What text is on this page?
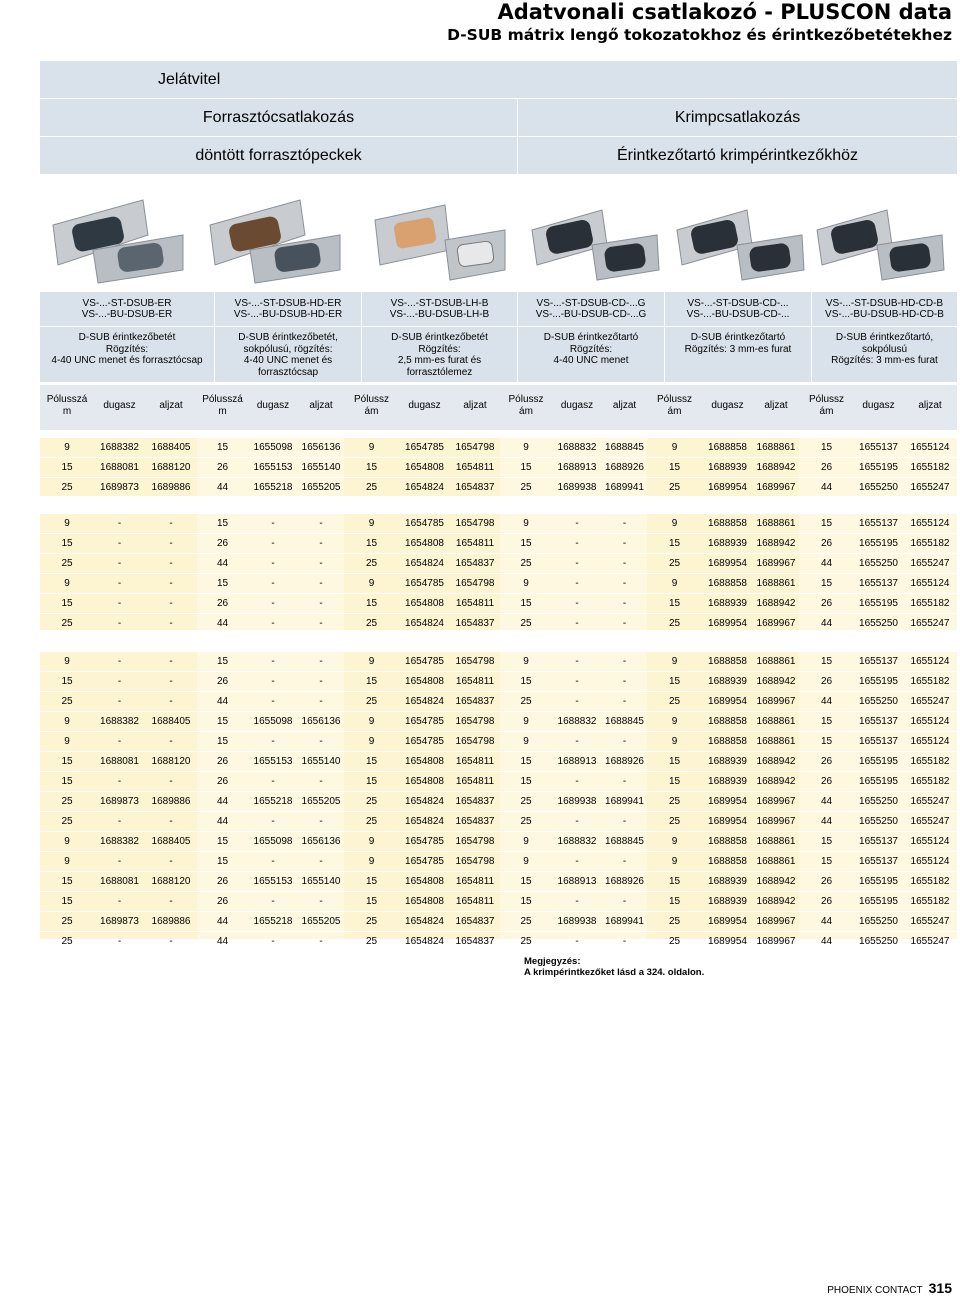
Adatvonali csatlakozó - PLUSCON data
D-SUB mátrix lengő tokozatokhoz és érintkezőbetétekhez
Jelátvitel
Forrasztócsatlakozás	Krimpcsatlakozás
döntött forrasztópeckek	Érintkezőtartó krimpérintkezőkhöz
VS-...-ST-DSUB-ER
VS-...-BU-DSUB-ER
VS-...-ST-DSUB-HD-ER
VS-...-BU-DSUB-HD-ER
VS-...-ST-DSUB-LH-B
VS-...-BU-DSUB-LH-B
VS-...-ST-DSUB-CD-...G
VS-...-BU-DSUB-CD-...G
VS-...-ST-DSUB-CD-...
VS-...-BU-DSUB-CD-...
VS-...-ST-DSUB-HD-CD-B
VS-...-BU-DSUB-HD-CD-B
D-SUB érintkezőbetét
Rögzítés:
4-40 UNC menet és forrasztócsap
D-SUB érintkezőbetét,
sokpólusú, rögzítés:
4-40 UNC menet és forrasztócsap
D-SUB érintkezőbetét
Rögzítés:
2,5 mm-es furat és
forrasztólemez
D-SUB érintkezőtartó
Rögzítés:
4-40 UNC menet
D-SUB érintkezőtartó
Rögzítés: 3 mm-es furat
D-SUB érintkezőtartó,
sokpólusú
Rögzítés: 3 mm-es furat
Pólusszá
m
dugasz	aljzat
Pólusszá
m
dugasz	aljzat
Pólussz
ám
dugasz	aljzat
Pólussz
ám
dugasz	aljzat
Pólussz
ám
dugasz	aljzat
Pólussz
ám
dugasz	aljzat
9	1688382	1688405	15	1655098	1656136	9	1654785	1654798	9	1688832	1688845	9	1688858	1688861	15	1655137	1655124
15	1688081	1688120	26	1655153	1655140	15	1654808	1654811	15	1688913	1688926	15	1688939	1688942	26	1655195	1655182
25	1689873	1689886	44	1655218	1655205	25	1654824	1654837	25	1689938	1689941	25	1689954	1689967	44	1655250	1655247
9	-	-	15	-	-	9	1654785	1654798	9	-	-	9	1688858	1688861	15	1655137	1655124
15	-	-	26	-	-	15	1654808	1654811	15	-	-	15	1688939	1688942	26	1655195	1655182
25	-	-	44	-	-	25	1654824	1654837	25	-	-	25	1689954	1689967	44	1655250	1655247
9	-	-	15	-	-	9	1654785	1654798	9	-	-	9	1688858	1688861	15	1655137	1655124
15	-	-	26	-	-	15	1654808	1654811	15	-	-	15	1688939	1688942	26	1655195	1655182
25	-	-	44	-	-	25	1654824	1654837	25	-	-	25	1689954	1689967	44	1655250	1655247
9	-	-	15	-	-	9	1654785	1654798	9	-	-	9	1688858	1688861	15	1655137	1655124
15	-	-	26	-	-	15	1654808	1654811	15	-	-	15	1688939	1688942	26	1655195	1655182
25	-	-	44	-	-	25	1654824	1654837	25	-	-	25	1689954	1689967	44	1655250	1655247
9	1688382	1688405	15	1655098	1656136	9	1654785	1654798	9	1688832	1688845	9	1688858	1688861	15	1655137	1655124
9	-	-	15	-	-	9	1654785	1654798	9	-	-	9	1688858	1688861	15	1655137	1655124
15	1688081	1688120	26	1655153	1655140	15	1654808	1654811	15	1688913	1688926	15	1688939	1688942	26	1655195	1655182
15	-	-	26	-	-	15	1654808	1654811	15	-	-	15	1688939	1688942	26	1655195	1655182
25	1689873	1689886	44	1655218	1655205	25	1654824	1654837	25	1689938	1689941	25	1689954	1689967	44	1655250	1655247
25	-	-	44	-	-	25	1654824	1654837	25	-	-	25	1689954	1689967	44	1655250	1655247
9	1688382	1688405	15	1655098	1656136	9	1654785	1654798	9	1688832	1688845	9	1688858	1688861	15	1655137	1655124
9	-	-	15	-	-	9	1654785	1654798	9	-	-	9	1688858	1688861	15	1655137	1655124
15	1688081	1688120	26	1655153	1655140	15	1654808	1654811	15	1688913	1688926	15	1688939	1688942	26	1655195	1655182
15	-	-	26	-	-	15	1654808	1654811	15	-	-	15	1688939	1688942	26	1655195	1655182
25	1689873	1689886	44	1655218	1655205	25	1654824	1654837	25	1689938	1689941	25	1689954	1689967	44	1655250	1655247
25	-	-	44	-	-	25	1654824	1654837	25	-	-	25	1689954	1689967	44	1655250	1655247
Megjegyzés:
A krimpérintkezőket lásd a 324. oldalon.
PHOENIX CONTACT 315
